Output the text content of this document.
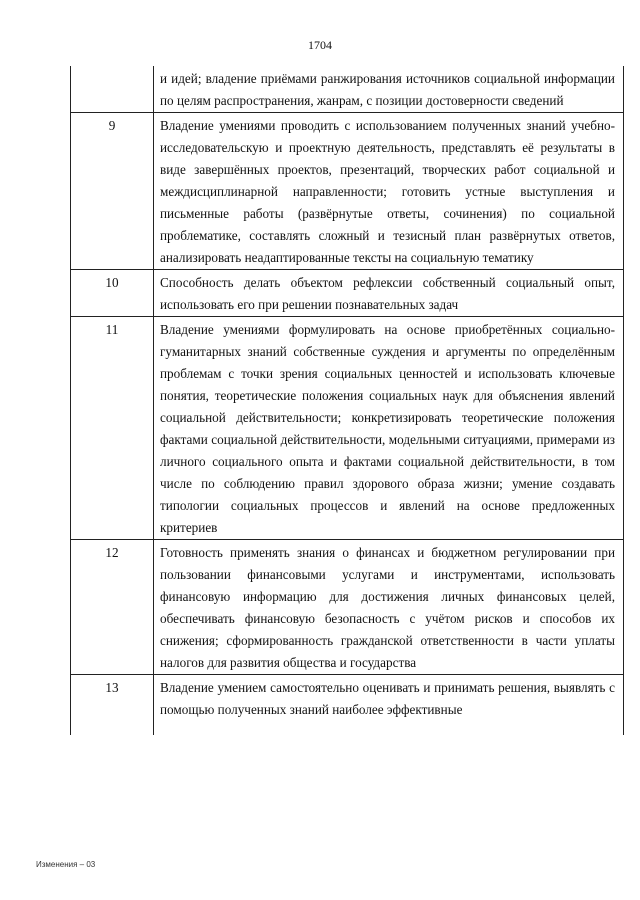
1704
	и идей; владение приёмами ранжирования источников социальной информации по целям распространения, жанрам, с позиции достоверности сведений
9	Владение умениями проводить с использованием полученных знаний учебно-исследовательскую и проектную деятельность, представлять её результаты в виде завершённых проектов, презентаций, творческих работ социальной и междисциплинарной направленности; готовить устные выступления и письменные работы (развёрнутые ответы, сочинения) по социальной проблематике, составлять сложный и тезисный план развёрнутых ответов, анализировать неадаптированные тексты на социальную тематику
10	Способность делать объектом рефлексии собственный социальный опыт, использовать его при решении познавательных задач
11	Владение умениями формулировать на основе приобретённых социально-гуманитарных знаний собственные суждения и аргументы по определённым проблемам с точки зрения социальных ценностей и использовать ключевые понятия, теоретические положения социальных наук для объяснения явлений социальной действительности; конкретизировать теоретические положения фактами социальной действительности, модельными ситуациями, примерами из личного социального опыта и фактами социальной действительности, в том числе по соблюдению правил здорового образа жизни; умение создавать типологии социальных процессов и явлений на основе предложенных критериев
12	Готовность применять знания о финансах и бюджетном регулировании при пользовании финансовыми услугами и инструментами, использовать финансовую информацию для достижения личных финансовых целей, обеспечивать финансовую безопасность с учётом рисков и способов их снижения; сформированность гражданской ответственности в части уплаты налогов для развития общества и государства
13	Владение умением самостоятельно оценивать и принимать решения, выявлять с помощью полученных знаний наиболее эффективные
Изменения – 03
